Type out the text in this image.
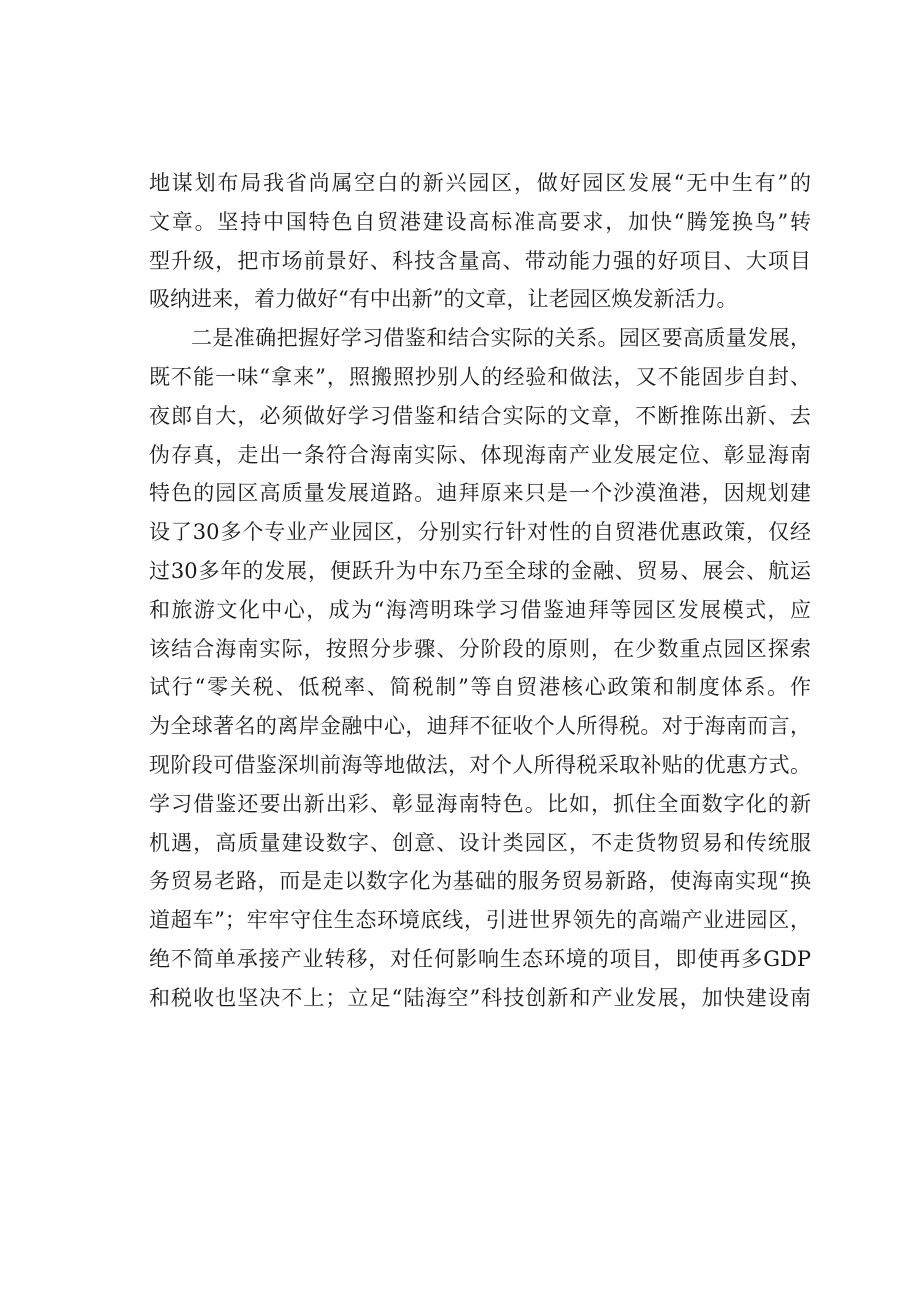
地谋划布局我省尚属空白的新兴园区，做好园区发展“无中生有”的
文章。坚持中国特色自贸港建设高标准高要求，加快“腾笼换鸟”转
型升级，把市场前景好、科技含量高、带动能力强的好项目、大项目
吸纳进来，着力做好“有中出新”的文章，让老园区焕发新活力。
二是准确把握好学习借鉴和结合实际的关系。园区要高质量发展，
既不能一味“拿来”，照搬照抄别人的经验和做法，又不能固步自封、
夜郎自大，必须做好学习借鉴和结合实际的文章，不断推陈出新、去
伪存真，走出一条符合海南实际、体现海南产业发展定位、彰显海南
特色的园区高质量发展道路。迪拜原来只是一个沙漠渔港，因规划建
设了30多个专业产业园区，分别实行针对性的自贸港优惠政策，仅经
过30多年的发展，便跃升为中东乃至全球的金融、贸易、展会、航运
和旅游文化中心，成为“海湾明珠学习借鉴迪拜等园区发展模式，应
该结合海南实际，按照分步骤、分阶段的原则，在少数重点园区探索
试行“零关税、低税率、简税制”等自贸港核心政策和制度体系。作
为全球著名的离岸金融中心，迪拜不征收个人所得税。对于海南而言，
现阶段可借鉴深圳前海等地做法，对个人所得税采取补贴的优惠方式。
学习借鉴还要出新出彩、彰显海南特色。比如，抓住全面数字化的新
机遇，高质量建设数字、创意、设计类园区，不走货物贸易和传统服
务贸易老路，而是走以数字化为基础的服务贸易新路，使海南实现“换
道超车”；牢牢守住生态环境底线，引进世界领先的高端产业进园区，
绝不简单承接产业转移，对任何影响生态环境的项目，即使再多GDP
和税收也坚决不上；立足“陆海空”科技创新和产业发展，加快建设南
